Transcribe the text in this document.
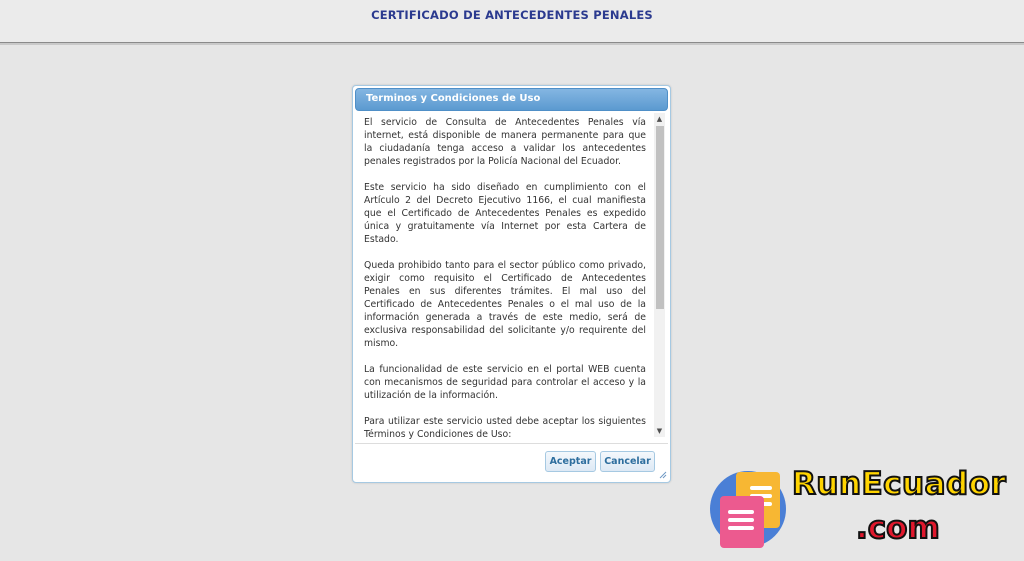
CERTIFICADO DE ANTECEDENTES PENALES
Terminos y Condiciones de Uso

El servicio de Consulta de Antecedentes Penales vía internet, está disponible de manera permanente para que la ciudadanía tenga acceso a validar los antecedentes penales registrados por la Policía Nacional del Ecuador.

Este servicio ha sido diseñado en cumplimiento con el Artículo 2 del Decreto Ejecutivo 1166, el cual manifiesta que el Certificado de Antecedentes Penales es expedido única y gratuitamente vía Internet por esta Cartera de Estado.

Queda prohibido tanto para el sector público como privado, exigir como requisito el Certificado de Antecedentes Penales en sus diferentes trámites. El mal uso del Certificado de Antecedentes Penales o el mal uso de la información generada a través de este medio, será de exclusiva responsabilidad del solicitante y/o requirente del mismo.

La funcionalidad de este servicio en el portal WEB cuenta con mecanismos de seguridad para controlar el acceso y la utilización de la información.

Para utilizar este servicio usted debe aceptar los siguientes Términos y Condiciones de Uso:

▲
▼
Aceptar	Cancelar
RunEcuador
.com
